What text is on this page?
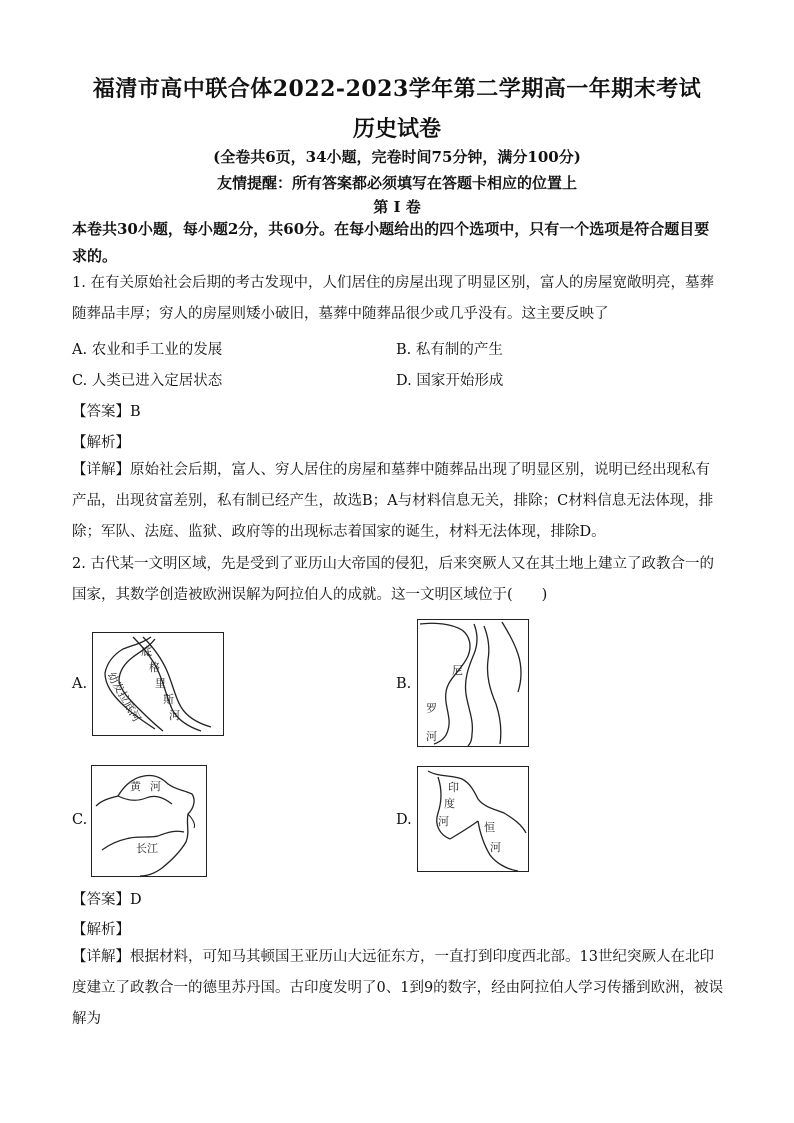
福清市高中联合体2022-2023学年第二学期高一年期末考试
历史试卷
(全卷共6页，34小题，完卷时间75分钟，满分100分)
友情提醒：所有答案都必须填写在答题卡相应的位置上
第 I 卷
本卷共30小题，每小题2分，共60分。在每小题给出的四个选项中，只有一个选项是符合题目要求的。
1. 在有关原始社会后期的考古发现中，人们居住的房屋出现了明显区别，富人的房屋宽敞明亮，墓葬随葬品丰厚；穷人的房屋则矮小破旧，墓葬中随葬品很少或几乎没有。这主要反映了
A. 农业和手工业的发展	B. 私有制的产生
C. 人类已进入定居状态	D. 国家开始形成
【答案】B
【解析】
【详解】原始社会后期，富人、穷人居住的房屋和墓葬中随葬品出现了明显区别，说明已经出现私有产品，出现贫富差别，私有制已经产生，故选B；A与材料信息无关，排除；C材料信息无法体现，排除；军队、法庭、监狱、政府等的出现标志着国家的诞生，材料无法体现，排除D。
2. 古代某一文明区域，先是受到了亚历山大帝国的侵犯，后来突厥人又在其土地上建立了政教合一的国家，其数学创造被欧洲误解为阿拉伯人的成就。这一文明区域位于(　　)
A.
底
格
里
斯
河
幼发拉底河	B.
尼
罗
河
C.
黄 河
长江
D.
印
度
河	恒
河
【答案】D
【解析】
【详解】根据材料，可知马其顿国王亚历山大远征东方，一直打到印度西北部。13世纪突厥人在北印度建立了政教合一的德里苏丹国。古印度发明了0、1到9的数字，经由阿拉伯人学习传播到欧洲，被误解为
